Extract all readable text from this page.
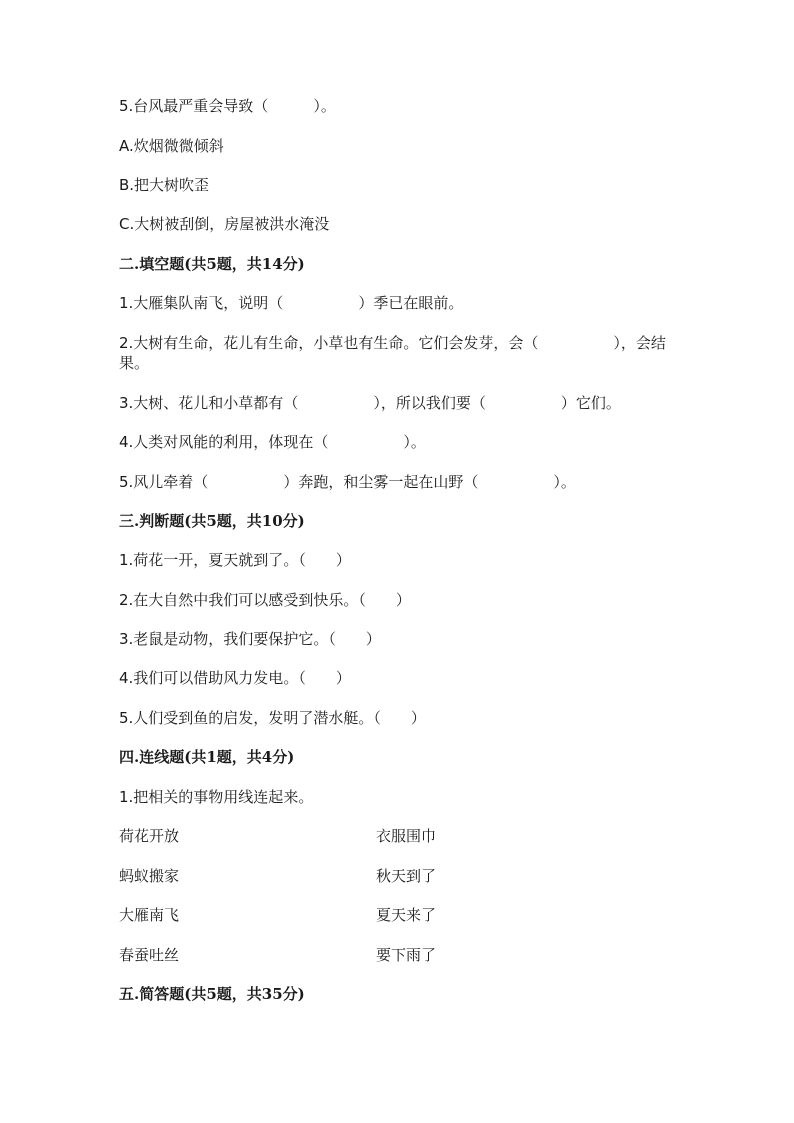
5.台风最严重会导致（　　　）。
A.炊烟微微倾斜
B.把大树吹歪
C.大树被刮倒，房屋被洪水淹没
二.填空题(共5题，共14分)
1.大雁集队南飞，说明（　　　　　）季已在眼前。
2.大树有生命，花儿有生命，小草也有生命。它们会发芽，会（　　　　　），会结果。
3.大树、花儿和小草都有（　　　　　），所以我们要（　　　　　）它们。
4.人类对风能的利用，体现在（　　　　　）。
5.风儿牵着（　　　　　）奔跑，和尘雾一起在山野（　　　　　）。
三.判断题(共5题，共10分)
1.荷花一开，夏天就到了。（　　）
2.在大自然中我们可以感受到快乐。（　　）
3.老鼠是动物，我们要保护它。（　　）
4.我们可以借助风力发电。（　　）
5.人们受到鱼的启发，发明了潜水艇。（　　）
四.连线题(共1题，共4分)
1.把相关的事物用线连起来。
荷花开放	衣服围巾
蚂蚁搬家	秋天到了
大雁南飞	夏天来了
春蚕吐丝	要下雨了
五.简答题(共5题，共35分)
